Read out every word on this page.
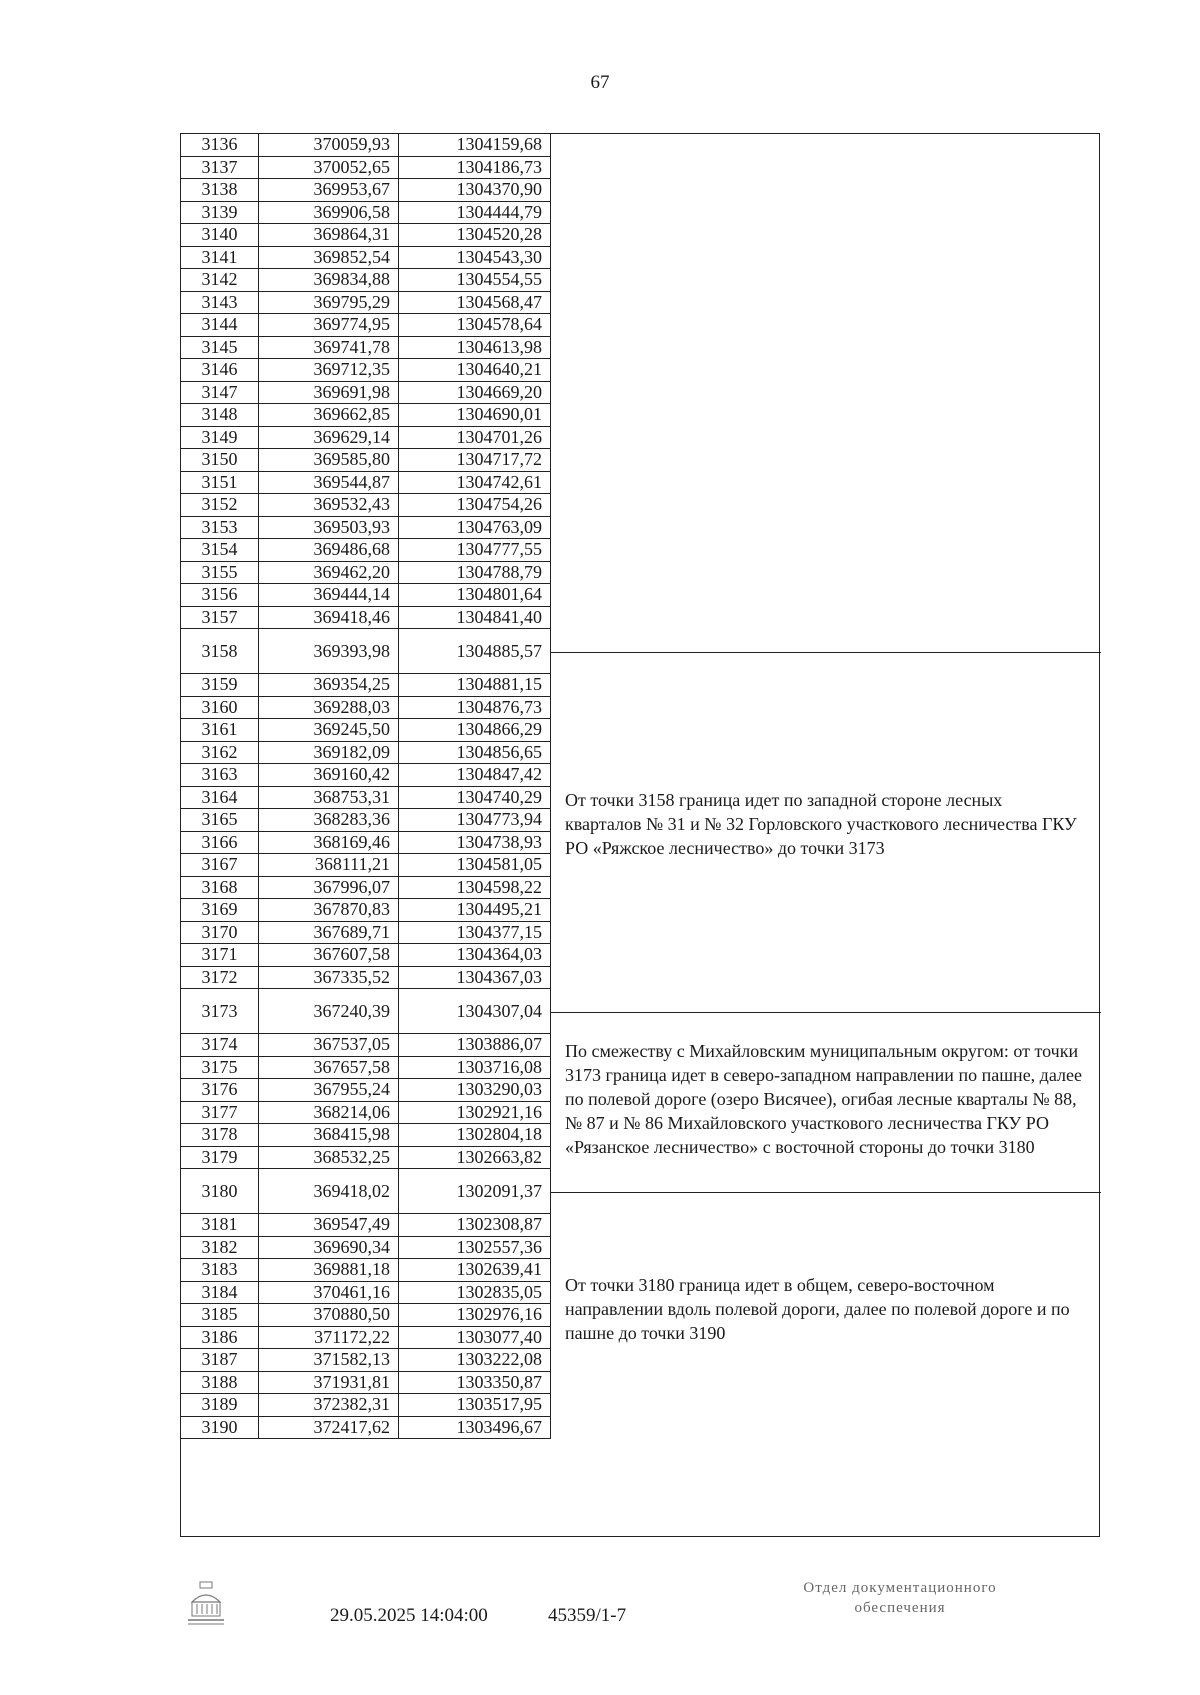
67
3136	370059,93	1304159,68
3137	370052,65	1304186,73
3138	369953,67	1304370,90
3139	369906,58	1304444,79
3140	369864,31	1304520,28
3141	369852,54	1304543,30
3142	369834,88	1304554,55
3143	369795,29	1304568,47
3144	369774,95	1304578,64
3145	369741,78	1304613,98
3146	369712,35	1304640,21
3147	369691,98	1304669,20
3148	369662,85	1304690,01
3149	369629,14	1304701,26
3150	369585,80	1304717,72
3151	369544,87	1304742,61
3152	369532,43	1304754,26
3153	369503,93	1304763,09
3154	369486,68	1304777,55
3155	369462,20	1304788,79
3156	369444,14	1304801,64
3157	369418,46	1304841,40
3158	369393,98	1304885,57
3159	369354,25	1304881,15
3160	369288,03	1304876,73
3161	369245,50	1304866,29
3162	369182,09	1304856,65
3163	369160,42	1304847,42
3164	368753,31	1304740,29
3165	368283,36	1304773,94
3166	368169,46	1304738,93
3167	368111,21	1304581,05
3168	367996,07	1304598,22
3169	367870,83	1304495,21
3170	367689,71	1304377,15
3171	367607,58	1304364,03
3172	367335,52	1304367,03
3173	367240,39	1304307,04
3174	367537,05	1303886,07
3175	367657,58	1303716,08
3176	367955,24	1303290,03
3177	368214,06	1302921,16
3178	368415,98	1302804,18
3179	368532,25	1302663,82
3180	369418,02	1302091,37
3181	369547,49	1302308,87
3182	369690,34	1302557,36
3183	369881,18	1302639,41
3184	370461,16	1302835,05
3185	370880,50	1302976,16
3186	371172,22	1303077,40
3187	371582,13	1303222,08
3188	371931,81	1303350,87
3189	372382,31	1303517,95
3190	372417,62	1303496,67
От точки 3158 граница идет по западной стороне лесных кварталов № 31 и № 32 Горловского участкового лесничества ГКУ РО «Ряжское лесничество» до точки 3173
По смежеству с Михайловским муниципальным округом: от точки 3173 граница идет в северо-западном направлении по пашне, далее по полевой дороге (озеро Висячее), огибая лесные кварталы № 88, № 87 и № 86 Михайловского участкового лесничества ГКУ РО «Рязанское лесничество» с восточной стороны до точки 3180
От точки 3180 граница идет в общем, северо-восточном направлении вдоль полевой дороги, далее по полевой дороге и по пашне до точки 3190
29.05.2025 14:04:00	45359/1-7
Отдел документационного
обеспечения
